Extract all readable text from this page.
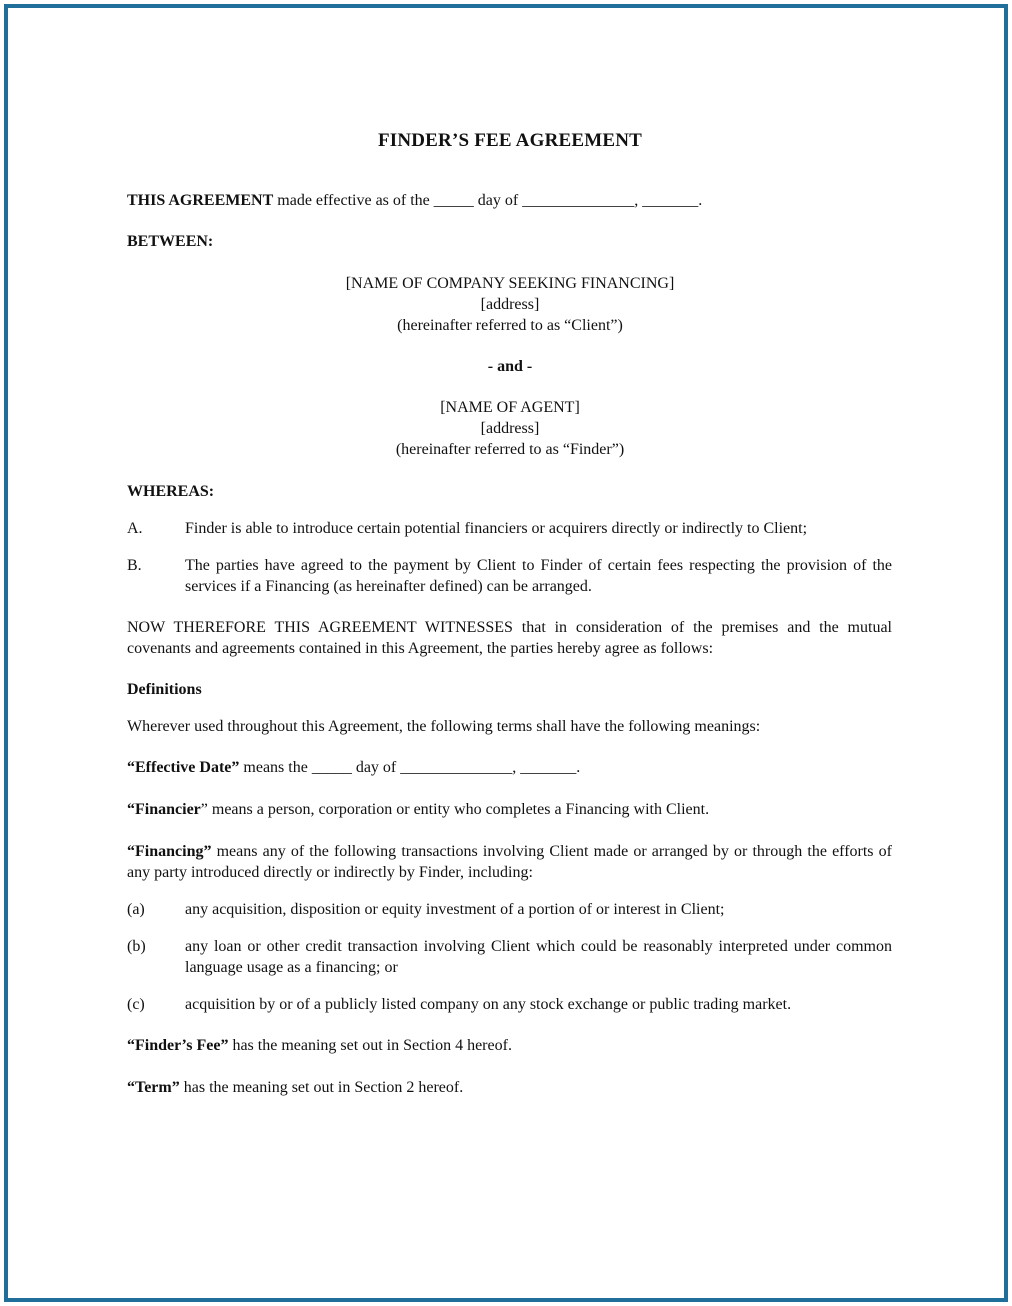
FINDER’S FEE AGREEMENT
THIS AGREEMENT made effective as of the _____ day of ______________, _______.
BETWEEN:
[NAME OF COMPANY SEEKING FINANCING]
[address]
(hereinafter referred to as “Client”)
- and -
[NAME OF AGENT]
[address]
(hereinafter referred to as “Finder”)
WHEREAS:
A.	Finder is able to introduce certain potential financiers or acquirers directly or indirectly to Client;
B.	The parties have agreed to the payment by Client to Finder of certain fees respecting the provision of the services if a Financing (as hereinafter defined) can be arranged.
NOW THEREFORE THIS AGREEMENT WITNESSES that in consideration of the premises and the mutual covenants and agreements contained in this Agreement, the parties hereby agree as follows:
Definitions
Wherever used throughout this Agreement, the following terms shall have the following meanings:
“Effective Date” means the _____ day of ______________, _______.
“Financier” means a person, corporation or entity who completes a Financing with Client.
“Financing” means any of the following transactions involving Client made or arranged by or through the efforts of any party introduced directly or indirectly by Finder, including:
(a)	any acquisition, disposition or equity investment of a portion of or interest in Client;
(b) any loan or other credit transaction involving Client which could be reasonably interpreted under common language usage as a financing; or
(c)	acquisition by or of a publicly listed company on any stock exchange or public trading market.
“Finder’s Fee” has the meaning set out in Section 4 hereof.
“Term” has the meaning set out in Section 2 hereof.
